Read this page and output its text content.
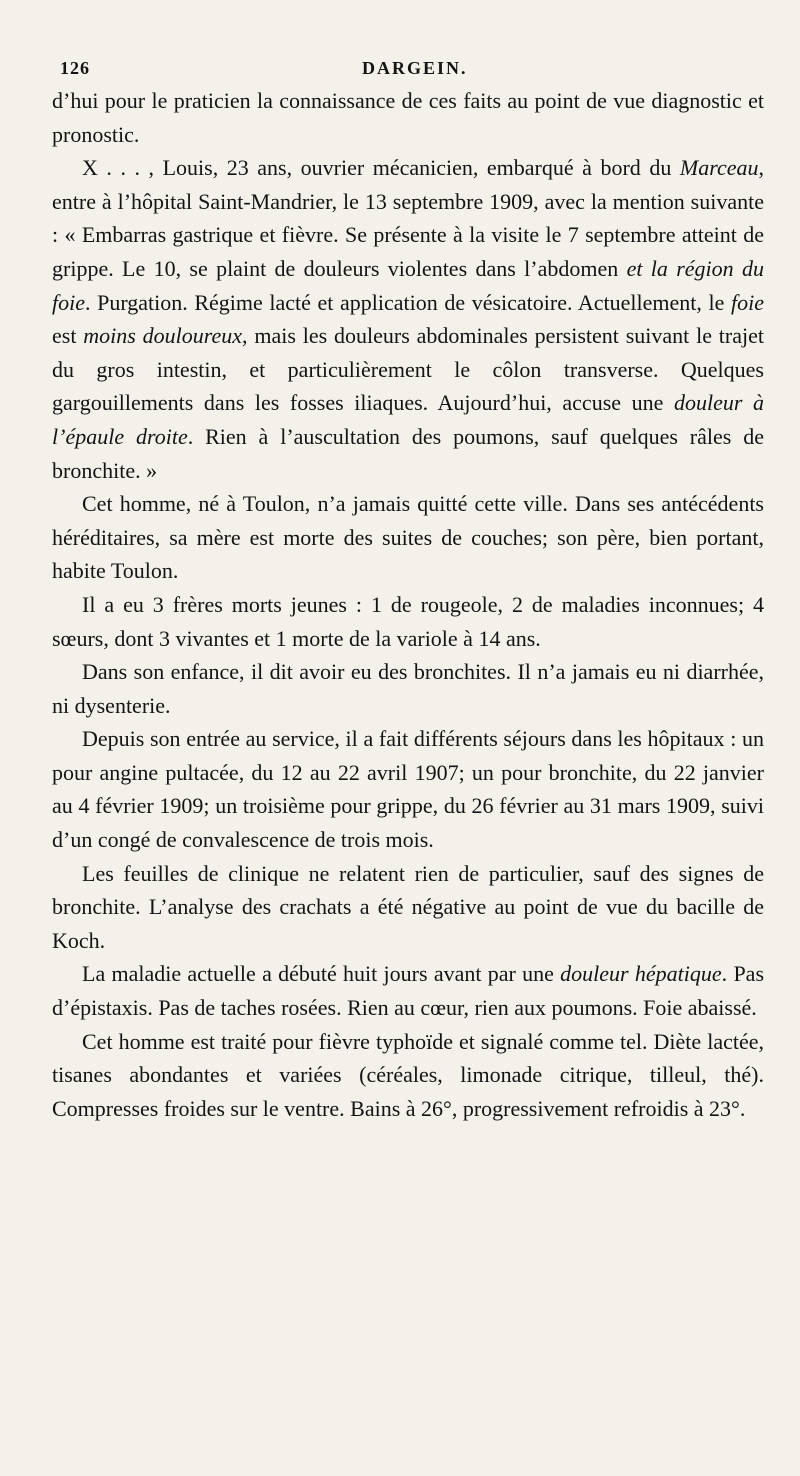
126	DARGEIN.

d’hui pour le praticien la connaissance de ces faits au point de vue diagnostic et pronostic.

X . . . , Louis, 23 ans, ouvrier mécanicien, embarqué à bord du Marceau, entre à l’hôpital Saint-Mandrier, le 13 septembre 1909, avec la mention suivante : « Embarras gastrique et fièvre. Se présente à la visite le 7 septembre atteint de grippe. Le 10, se plaint de douleurs violentes dans l’abdomen et la région du foie. Purgation. Régime lacté et application de vésicatoire. Actuellement, le foie est moins douloureux, mais les douleurs abdominales persistent suivant le trajet du gros intestin, et particulièrement le côlon transverse. Quelques gargouillements dans les fosses iliaques. Aujourd’hui, accuse une douleur à l’épaule droite. Rien à l’auscultation des poumons, sauf quelques râles de bronchite. »

Cet homme, né à Toulon, n’a jamais quitté cette ville. Dans ses antécédents héréditaires, sa mère est morte des suites de couches; son père, bien portant, habite Toulon.

Il a eu 3 frères morts jeunes : 1 de rougeole, 2 de maladies inconnues; 4 sœurs, dont 3 vivantes et 1 morte de la variole à 14 ans.

Dans son enfance, il dit avoir eu des bronchites. Il n’a jamais eu ni diarrhée, ni dysenterie.

Depuis son entrée au service, il a fait différents séjours dans les hôpitaux : un pour angine pultacée, du 12 au 22 avril 1907; un pour bronchite, du 22 janvier au 4 février 1909; un troisième pour grippe, du 26 février au 31 mars 1909, suivi d’un congé de convalescence de trois mois.

Les feuilles de clinique ne relatent rien de particulier, sauf des signes de bronchite. L’analyse des crachats a été négative au point de vue du bacille de Koch.

La maladie actuelle a débuté huit jours avant par une douleur hépatique. Pas d’épistaxis. Pas de taches rosées. Rien au cœur, rien aux poumons. Foie abaissé.

Cet homme est traité pour fièvre typhoïde et signalé comme tel. Diète lactée, tisanes abondantes et variées (céréales, limonade citrique, tilleul, thé). Compresses froides sur le ventre. Bains à 26°, progressivement refroidis à 23°.
